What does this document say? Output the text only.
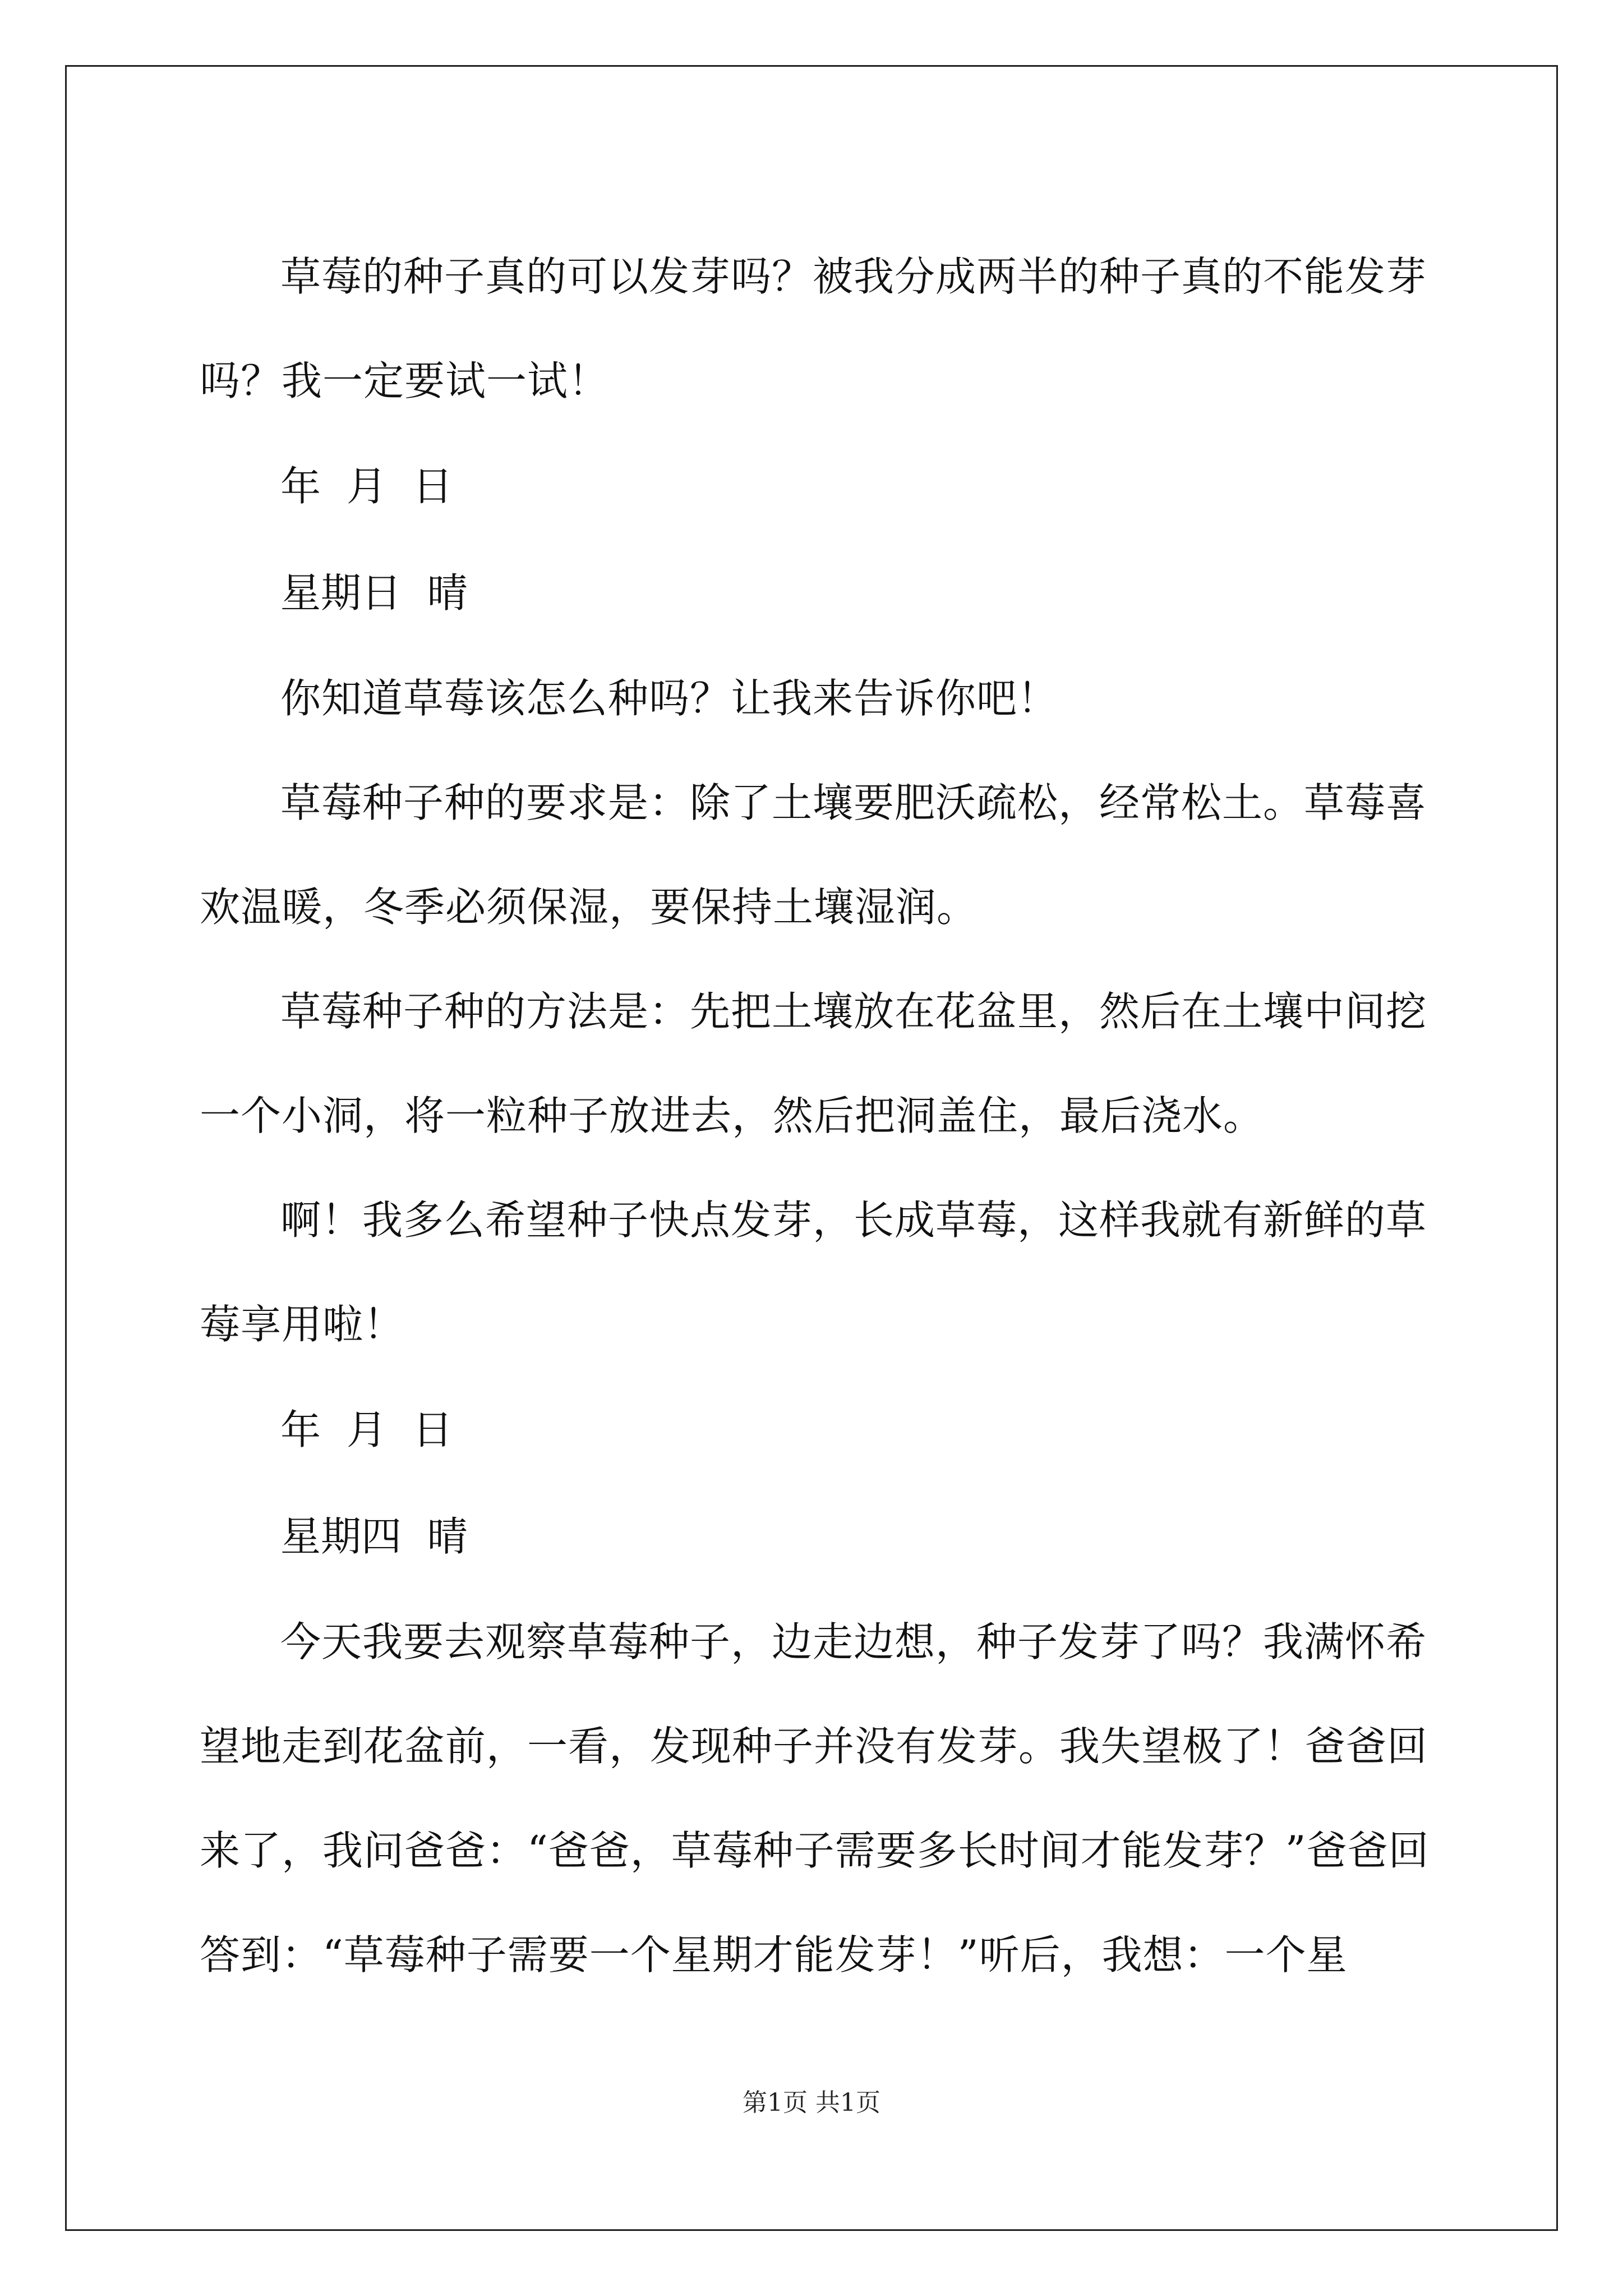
草莓的种子真的可以发芽吗？被我分成两半的种子真的不能发芽吗？我一定要试一试！

年  月  日

星期日  晴

你知道草莓该怎么种吗？让我来告诉你吧！

草莓种子种的要求是：除了土壤要肥沃疏松，经常松土。草莓喜欢温暖，冬季必须保湿，要保持土壤湿润。

草莓种子种的方法是：先把土壤放在花盆里，然后在土壤中间挖一个小洞，将一粒种子放进去，然后把洞盖住，最后浇水。

啊！我多么希望种子快点发芽，长成草莓，这样我就有新鲜的草莓享用啦！

年  月  日

星期四  晴

今天我要去观察草莓种子，边走边想，种子发芽了吗？我满怀希望地走到花盆前，一看，发现种子并没有发芽。我失望极了！爸爸回来了，我问爸爸：“爸爸，草莓种子需要多长时间才能发芽？”爸爸回答到：“草莓种子需要一个星期才能发芽！”听后，我想：一个星

第1页 共1页
